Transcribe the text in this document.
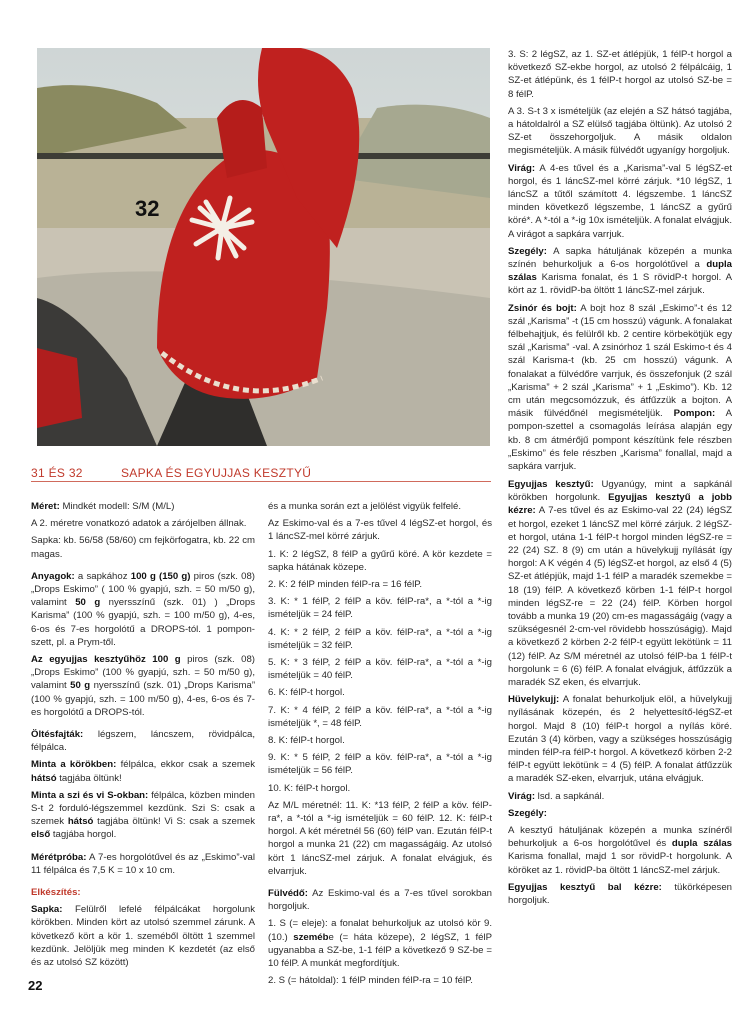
32
31 ÉS 32	SAPKA ÉS EGYUJJAS KESZTYŰ

Méret: Mindkét modell: S/M (M/L)

A 2. méretre vonatkozó adatok a zárójelben állnak.

Sapka: kb. 56/58 (58/60) cm fejkörfogatra, kb. 22 cm magas.

Anyagok: a sapkához 100 g (150 g) piros (szk. 08) „Drops Eskimo” ( 100 % gyapjú, szh. = 50 m/50 g), valamint 50 g nyersszínű (szk. 01) ) „Drops Karisma” (100 % gyapjú, szh. = 100 m/50 g), 4-es, 6-os és 7-es horgolótű a DROPS-tól. 1 pompon-szett, pl. a Prym-től.

Az egyujjas kesztyűhöz 100 g piros (szk. 08) „Drops Eskimo” (100 % gyapjú, szh. = 50 m/50 g), valamint 50 g nyersszínű (szk. 01) „Drops Karisma” (100 % gyapjú, szh. = 100 m/50 g), 4-es, 6-os és 7-es horgolótű a DROPS-tól.

Öltésfajták: légszem, láncszem, rövidpálca, félpálca.

Minta a körökben: félpálca, ekkor csak a szemek hátsó tagjába öltünk!

Minta a szi és vi S-okban: félpálca, közben minden S-t 2 forduló-légszemmel kezdünk. Szi S: csak a szemek hátsó tagjába öltünk! Vi S: csak a szemek első tagjába horgol.

Mérétpróba: A 7-es horgolótűvel és az „Eskimo”-val 11 félpálca és 7,5 K = 10 x 10 cm.

Elkészítés:

Sapka: Felülről lefelé félpálcákat horgolunk körökben. Minden kört az utolsó szemmel zárunk. A következő kört a kör 1. szeméből öltött 1 szemmel kezdünk. Jelöljük meg minden K kezdetét (az első és az utolsó SZ között)

és a munka során ezt a jelölést vigyük felfelé.

Az Eskimo-val és a 7-es tűvel 4 légSZ-et horgol, és 1 láncSZ-mel körré zárjuk.

1. K: 2 légSZ, 8 félP a gyűrű köré. A kör kezdete = sapka hátának közepe.

2. K: 2 félP minden félP-ra = 16 félP.

3. K: * 1 félP, 2 félP a köv. félP-ra*, a *-tól a *-ig ismételjük = 24 félP.

4. K: * 2 félP, 2 félP a köv. félP-ra*, a *-tól a *-ig ismételjük = 32 félP.

5. K: * 3 félP, 2 félP a köv. félP-ra*, a *-tól a *-ig ismételjük = 40 félP.

6. K: félP-t horgol.

7. K: * 4 félP, 2 félP a köv. félP-ra*, a *-tól a *-ig ismételjük *, = 48 félP.

8. K: félP-t horgol.

9. K: * 5 félP, 2 félP a köv. félP-ra*, a *-tól a *-ig ismételjük = 56 félP.

10. K: félP-t horgol.

Az M/L méretnél: 11. K: *13 félP, 2 félP a köv. félP-ra*, a *-tól a *-ig ismételjük = 60 félP. 12. K: félP-t horgol. A két méretnél 56 (60) félP van. Ezután félP-t horgol a munka 21 (22) cm magasságáig. Az utolsó kört 1 láncSZ-mel zárjuk. A fonalat elvágjuk, és elvarrjuk.

Fülvédő: Az Eskimo-val és a 7-es tűvel sorokban horgoljuk.

1. S (= eleje): a fonalat behurkoljuk az utolsó kör 9. (10.) szemébe (= háta közepe), 2 légSZ, 1 félP ugyanabba a SZ-be, 1-1 félP a következő 9 SZ-be = 10 félP. A munkát megfordítjuk.

2. S (= hátoldal): 1 félP minden félP-ra = 10 félP.

3. S: 2 légSZ, az 1. SZ-et átlépjük, 1 félP-t horgol a következő SZ-ekbe horgol, az utolsó 2 félpálcáig, 1 SZ-et átlépünk, és 1 félP-t horgol az utolsó SZ-be = 8 félP.

A 3. S-t 3 x ismételjük (az elején a SZ hátsó tagjába, a hátoldalról a SZ elülső tagjába öltünk). Az utolsó 2 SZ-et összehorgoljuk. A másik oldalon megismételjük. A másik fülvédőt ugyanígy horgoljuk.

Virág: A 4-es tűvel és a „Karisma”-val 5 légSZ-et horgol, és 1 láncSZ-mel körré zárjuk. *10 légSZ, 1 láncSZ a tűtől számított 4. légszembe. 1 láncSZ minden következő légszembe, 1 láncSZ a gyűrű köré*. A *-tól a *-ig 10x ismételjük. A fonalat elvágjuk. A virágot a sapkára varrjuk.

Szegély: A sapka hátuljának közepén a munka színén behurkoljuk a 6-os horgolótűvel a dupla szálas Karisma fonalat, és 1 S rövidP-t horgol. A kört az 1. rövidP-ba öltött 1 láncSZ-mel zárjuk.

Zsinór és bojt: A bojt hoz 8 szál „Eskimo”-t és 12 szál „Karisma” -t (15 cm hosszú) vágunk. A fonalakat félbehajtjuk, és felülről kb. 2 centire körbekötjük egy szál „Karisma” -val. A zsinórhoz 1 szál Eskimo-t és 4 szál Karisma-t (kb. 25 cm hosszú) vágunk. A fonalakat a fülvédőre varrjuk, és összefonjuk (2 szál „Karisma” + 2 szál „Karisma” + 1 „Eskimo”). Kb. 12 cm után megcsomózzuk, és átfűzzük a bojton. A másik fülvédőnél megismételjük. Pompon: A pompon-szettel a csomagolás leírása alapján egy kb. 8 cm átmérőjű pompont készítünk fele részben „Eskimo” és fele részben „Karisma” fonallal, majd a sapkára varrjuk.

Egyujjas kesztyű: Ugyanúgy, mint a sapkánál körökben horgolunk. Egyujjas kesztyű a jobb kézre: A 7-es tűvel és az Eskimo-val 22 (24) légSZ et horgol, ezeket 1 láncSZ mel körré zárjuk. 2 légSZ-et horgol, utána 1-1 félP-t horgol minden légSZ-re = 22 (24) SZ. 8 (9) cm után a hüvelykujj nyílását így horgol: A K végén 4 (5) légSZ-et horgol, az első 4 (5) SZ-et átlépjük, majd 1-1 félP a maradék szemekbe = 18 (19) félP. A következő körben 1-1 félP-t horgol minden légSZ-re = 22 (24) félP. Körben horgol tovább a munka 19 (20) cm-es magasságáig (vagy a szükségesnél 2-cm-vel rövidebb hosszúságig). Majd a következő 2 körben 2-2 félP-t együtt lekötünk = 11 (12) félP. Az S/M méretnél az utolsó félP-ba 1 félP-t horgolunk = 6 (6) félP. A fonalat elvágjuk, átfűzzük a maradék SZ eken, és elvarrjuk.

Hüvelykujj: A fonalat behurkoljuk elöl, a hüvelykujj nyílásának közepén, és 2 helyettesítő-légSZ-et horgol. Majd 8 (10) félP-t horgol a nyílás köré. Ezután 3 (4) körben, vagy a szükséges hosszúságig minden félP-ra félP-t horgol. A következő körben 2-2 félP-t együtt lekötünk = 4 (5) félP. A fonalat átfűzzük a maradék SZ-eken, elvarrjuk, utána elvágjuk.

Virág: lsd. a sapkánál.

Szegély:

A kesztyű hátuljának közepén a munka színéről behurkoljuk a 6-os horgolótűvel és dupla szálas Karisma fonallal, majd 1 sor rövidP-t horgolunk. A köröket az 1. rövidP-ba öltött 1 láncSZ-mel zárjuk.

Egyujjas kesztyű bal kézre: tükörképesen horgoljuk.

22
